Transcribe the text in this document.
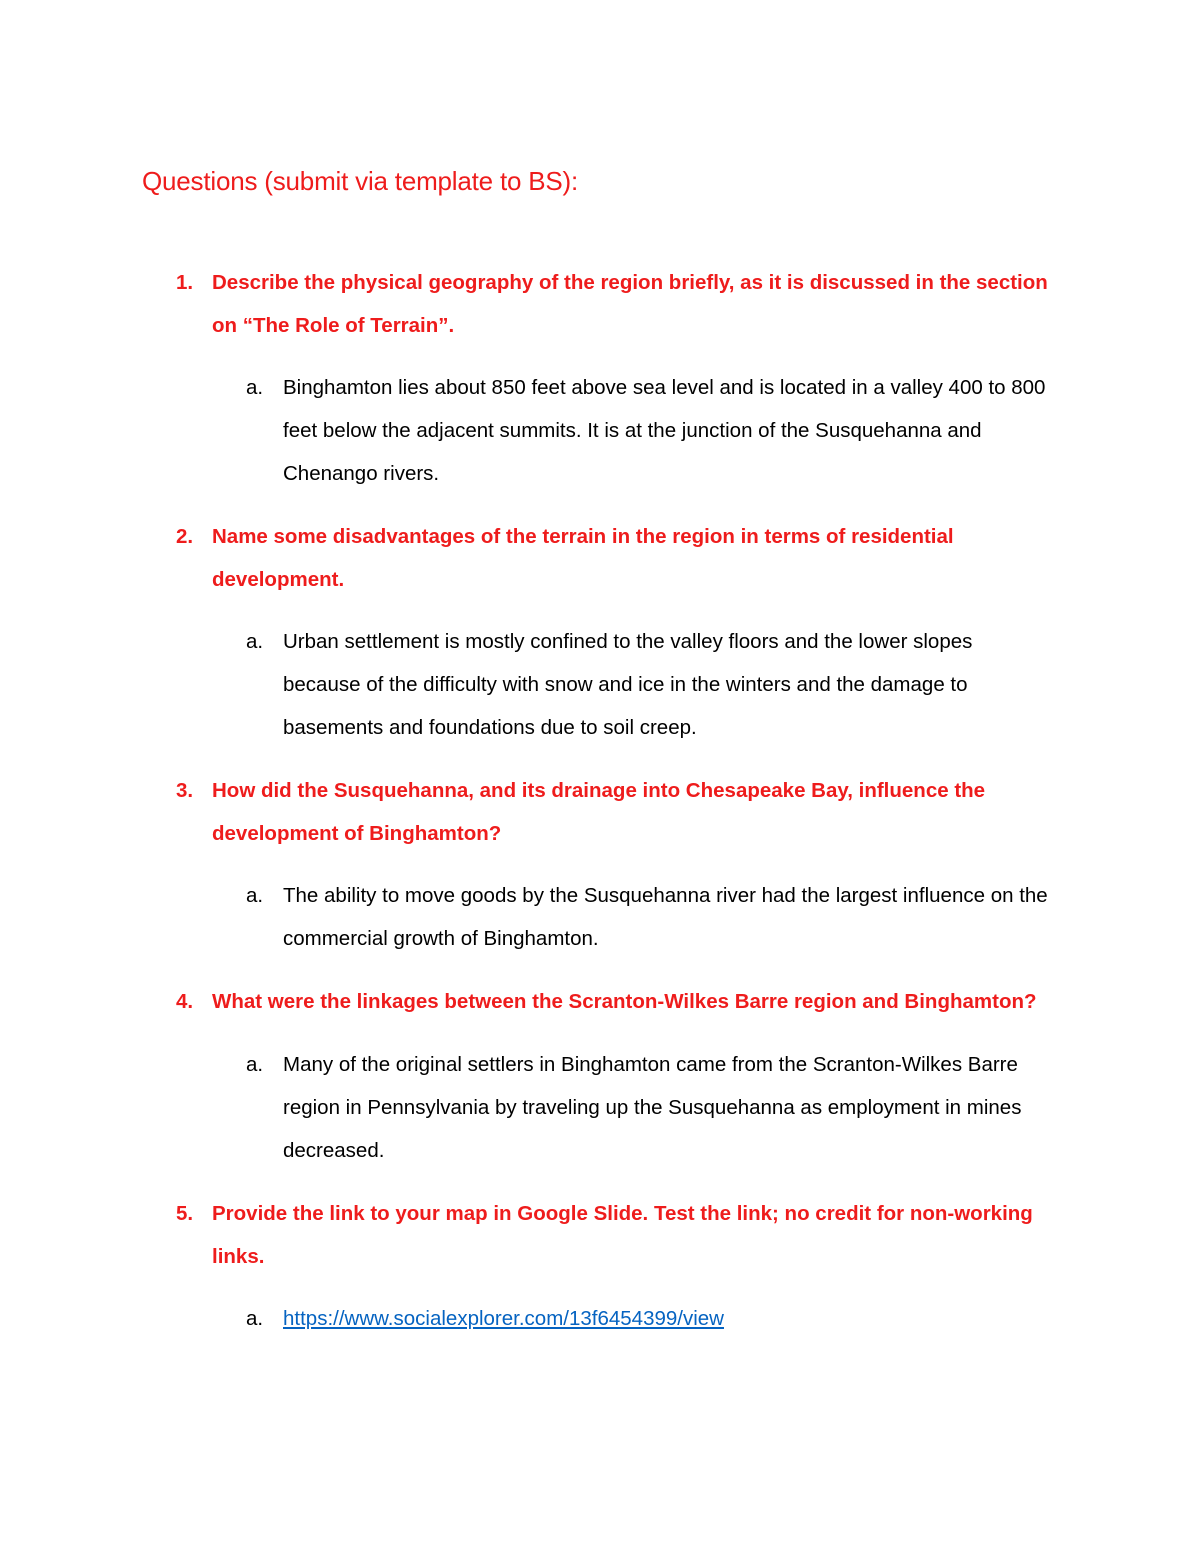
Questions (submit via template to BS):
1. Describe the physical geography of the region briefly, as it is discussed in the section on “The Role of Terrain”.
a. Binghamton lies about 850 feet above sea level and is located in a valley 400 to 800 feet below the adjacent summits. It is at the junction of the Susquehanna and Chenango rivers.
2. Name some disadvantages of the terrain in the region in terms of residential development.
a. Urban settlement is mostly confined to the valley floors and the lower slopes because of the difficulty with snow and ice in the winters and the damage to basements and foundations due to soil creep.
3. How did the Susquehanna, and its drainage into Chesapeake Bay, influence the development of Binghamton?
a. The ability to move goods by the Susquehanna river had the largest influence on the commercial growth of Binghamton.
4. What were the linkages between the Scranton-Wilkes Barre region and Binghamton?
a. Many of the original settlers in Binghamton came from the Scranton-Wilkes Barre region in Pennsylvania by traveling up the Susquehanna as employment in mines decreased.
5. Provide the link to your map in Google Slide. Test the link; no credit for non-working links.
a. https://www.socialexplorer.com/13f6454399/view
